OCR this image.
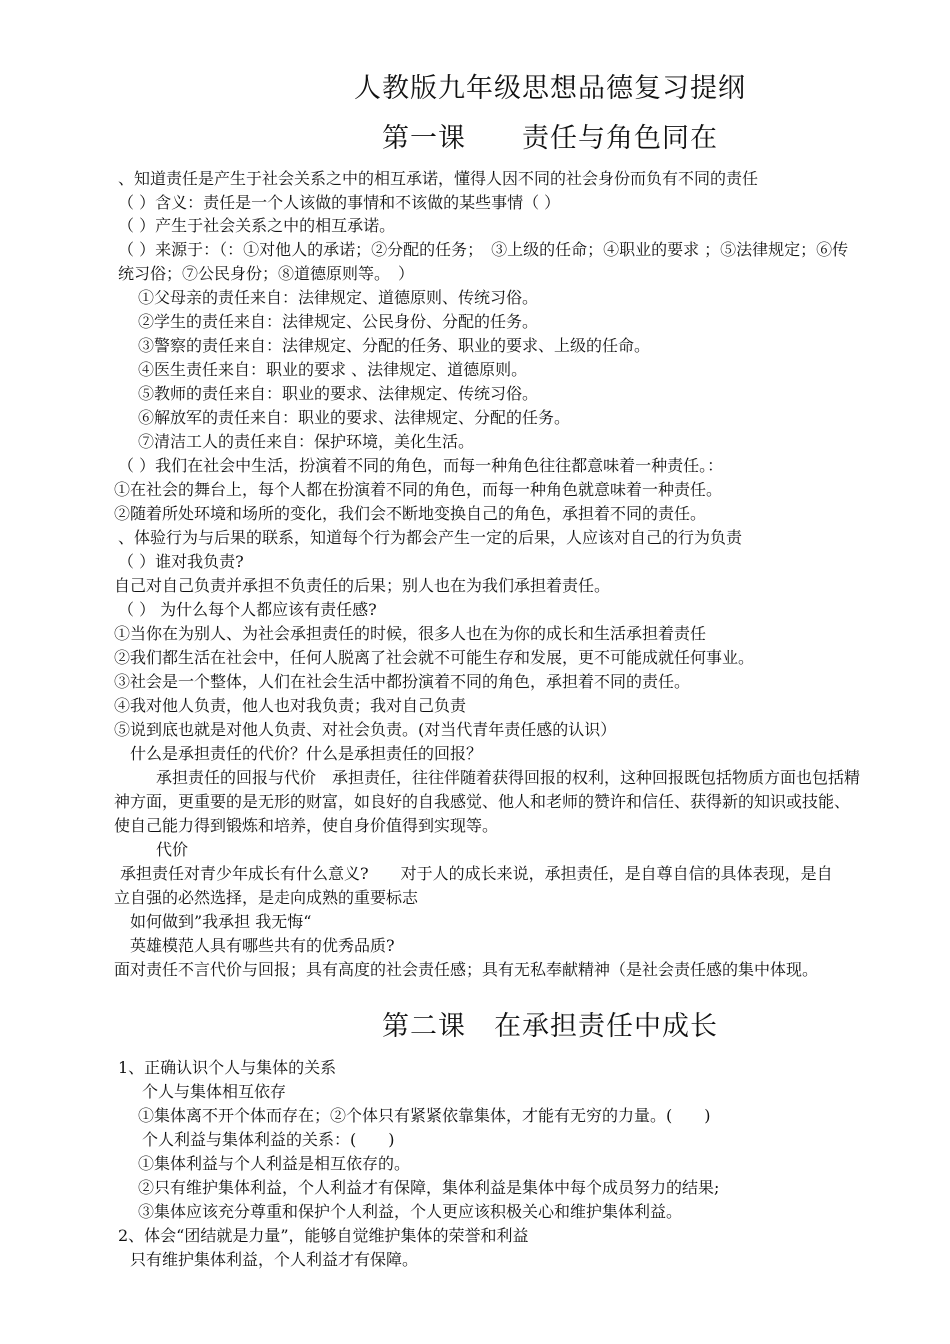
人教版九年级思想品德复习提纲
第一课　　责任与角色同在
、知道责任是产生于社会关系之中的相互承诺，懂得人因不同的社会身份而负有不同的责任
（ ）含义：责任是一个人该做的事情和不该做的某些事情（ ）
（ ）产生于社会关系之中的相互承诺。
（ ）来源于：（：①对他人的承诺；②分配的任务；　③上级的任命；④职业的要求 ；⑤法律规定；⑥传
统习俗；⑦公民身份；⑧道德原则等。　）
①父母亲的责任来自：法律规定、道德原则、传统习俗。
②学生的责任来自：法律规定、公民身份、分配的任务。
③警察的责任来自：法律规定、分配的任务、职业的要求、上级的任命。
④医生责任来自：职业的要求 、法律规定、道德原则。
⑤教师的责任来自：职业的要求、法律规定、传统习俗。
⑥解放军的责任来自：职业的要求、法律规定、分配的任务。
⑦清洁工人的责任来自：保护环境，美化生活。
（ ）我们在社会中生活，扮演着不同的角色，而每一种角色往往都意味着一种责任。：
①在社会的舞台上，每个人都在扮演着不同的角色，而每一种角色就意味着一种责任。
②随着所处环境和场所的变化，我们会不断地变换自己的角色，承担着不同的责任。
、体验行为与后果的联系，知道每个行为都会产生一定的后果，人应该对自己的行为负责
（ ）谁对我负责?
自己对自己负责并承担不负责任的后果；别人也在为我们承担着责任。
（ ） 为什么每个人都应该有责任感?
①当你在为别人、为社会承担责任的时候，很多人也在为你的成长和生活承担着责任
②我们都生活在社会中，任何人脱离了社会就不可能生存和发展，更不可能成就任何事业。
③社会是一个整体，人们在社会生活中都扮演着不同的角色，承担着不同的责任。
④我对他人负责，他人也对我负责；我对自己负责
⑤说到底也就是对他人负责、对社会负责。(对当代青年责任感的认识）
什么是承担责任的代价？什么是承担责任的回报？
承担责任的回报与代价　承担责任，往往伴随着获得回报的权利，这种回报既包括物质方面也包括精
神方面，更重要的是无形的财富，如良好的自我感觉、他人和老师的赞许和信任、获得新的知识或技能、
使自己能力得到锻炼和培养，使自身价值得到实现等。
代价
承担责任对青少年成长有什么意义?　　对于人的成长来说，承担责任，是自尊自信的具体表现，是自
立自强的必然选择，是走向成熟的重要标志
如何做到”我承担 我无悔“
英雄模范人具有哪些共有的优秀品质?
面对责任不言代价与回报；具有高度的社会责任感；具有无私奉献精神（是社会责任感的集中体现。
第二课　在承担责任中成长
1、正确认识个人与集体的关系
个人与集体相互依存
①集体离不开个体而存在；②个体只有紧紧依靠集体，才能有无穷的力量。(　　)
个人利益与集体利益的关系：(　　)
①集体利益与个人利益是相互依存的。
②只有维护集体利益，个人利益才有保障，集体利益是集体中每个成员努力的结果;
③集体应该充分尊重和保护个人利益，个人更应该积极关心和维护集体利益。
2、体会“团结就是力量”，能够自觉维护集体的荣誉和利益
只有维护集体利益，个人利益才有保障。
